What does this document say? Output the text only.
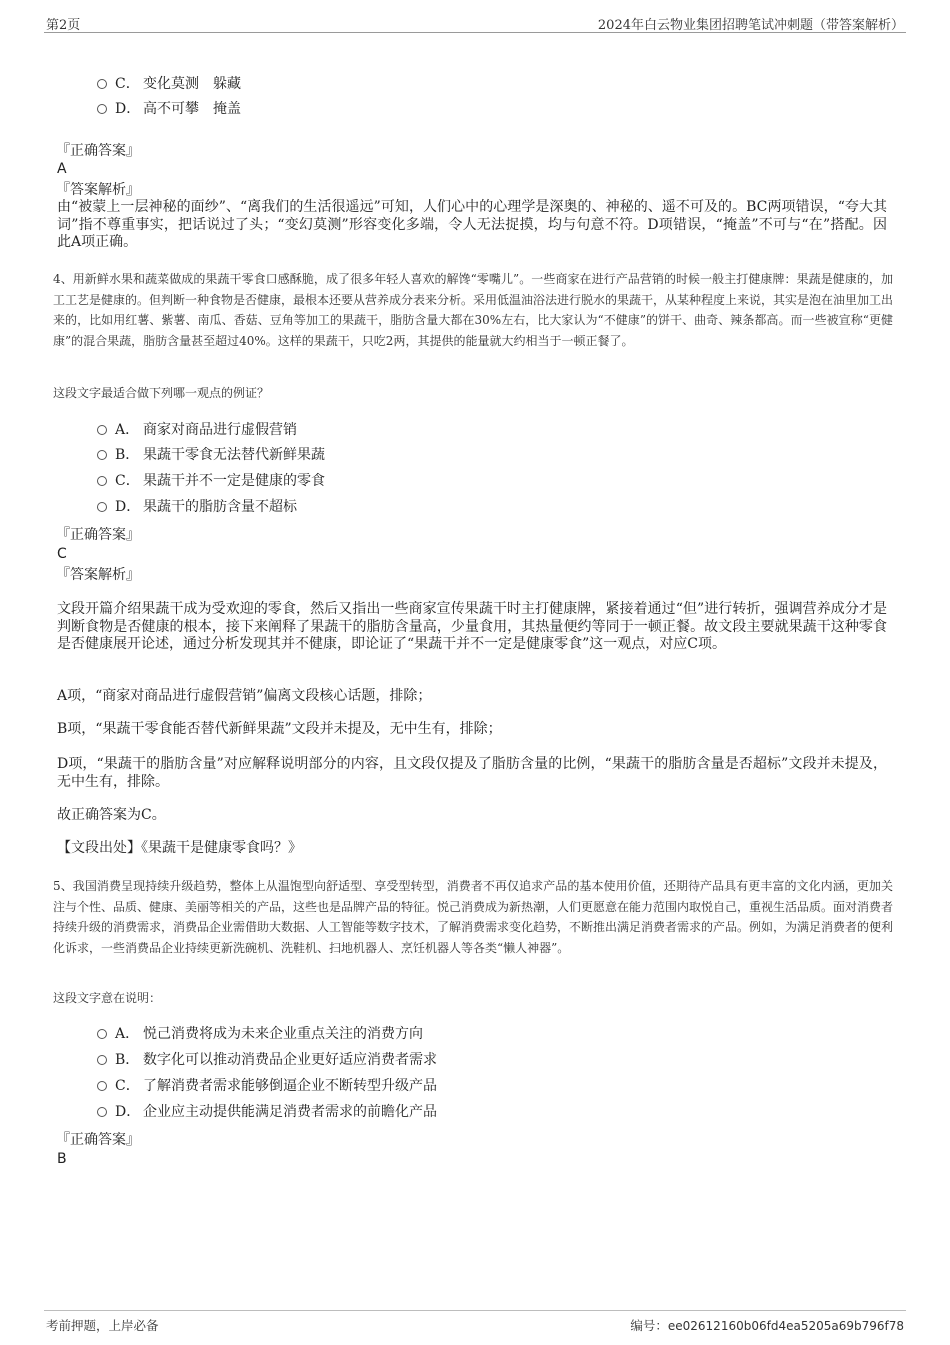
第2页	2024年白云物业集团招聘笔试冲刺题（带答案解析）
C． 变化莫测　躲藏
D． 高不可攀　掩盖
『正确答案』
A
『答案解析』
由“被蒙上一层神秘的面纱”、“离我们的生活很遥远”可知，人们心中的心理学是深奥的、神秘的、遥不可及的。BC两项错误，“夸大其词”指不尊重事实，把话说过了头；“变幻莫测”形容变化多端，令人无法捉摸，均与句意不符。D项错误，“掩盖”不可与“在”搭配。因此A项正确。
4、用新鲜水果和蔬菜做成的果蔬干零食口感酥脆，成了很多年轻人喜欢的解馋“零嘴儿”。一些商家在进行产品营销的时候一般主打健康牌：果蔬是健康的，加工工艺是健康的。但判断一种食物是否健康，最根本还要从营养成分表来分析。采用低温油浴法进行脱水的果蔬干，从某种程度上来说，其实是泡在油里加工出来的，比如用红薯、紫薯、南瓜、香菇、豆角等加工的果蔬干，脂肪含量大都在30%左右，比大家认为“不健康”的饼干、曲奇、辣条都高。而一些被宣称“更健康”的混合果蔬，脂肪含量甚至超过40%。这样的果蔬干，只吃2两，其提供的能量就大约相当于一顿正餐了。
这段文字最适合做下列哪一观点的例证？
A． 商家对商品进行虚假营销
B． 果蔬干零食无法替代新鲜果蔬
C． 果蔬干并不一定是健康的零食
D． 果蔬干的脂肪含量不超标
『正确答案』
C
『答案解析』
文段开篇介绍果蔬干成为受欢迎的零食，然后又指出一些商家宣传果蔬干时主打健康牌，紧接着通过“但”进行转折，强调营养成分才是判断食物是否健康的根本，接下来阐释了果蔬干的脂肪含量高，少量食用，其热量便约等同于一顿正餐。故文段主要就果蔬干这种零食是否健康展开论述，通过分析发现其并不健康，即论证了“果蔬干并不一定是健康零食”这一观点，对应C项。
A项，“商家对商品进行虚假营销”偏离文段核心话题，排除；
B项，“果蔬干零食能否替代新鲜果蔬”文段并未提及，无中生有，排除；
D项，“果蔬干的脂肪含量”对应解释说明部分的内容，且文段仅提及了脂肪含量的比例，“果蔬干的脂肪含量是否超标”文段并未提及，无中生有，排除。
故正确答案为C。
【文段出处】《果蔬干是健康零食吗？》
5、我国消费呈现持续升级趋势，整体上从温饱型向舒适型、享受型转型，消费者不再仅追求产品的基本使用价值，还期待产品具有更丰富的文化内涵，更加关注与个性、品质、健康、美丽等相关的产品，这些也是品牌产品的特征。悦己消费成为新热潮，人们更愿意在能力范围内取悦自己，重视生活品质。面对消费者持续升级的消费需求，消费品企业需借助大数据、人工智能等数字技术，了解消费需求变化趋势，不断推出满足消费者需求的产品。例如，为满足消费者的便利化诉求，一些消费品企业持续更新洗碗机、洗鞋机、扫地机器人、烹饪机器人等各类“懒人神器”。
这段文字意在说明：
A． 悦己消费将成为未来企业重点关注的消费方向
B． 数字化可以推动消费品企业更好适应消费者需求
C． 了解消费者需求能够倒逼企业不断转型升级产品
D． 企业应主动提供能满足消费者需求的前瞻化产品
『正确答案』
B
考前押题，上岸必备	编号：ee02612160b06fd4ea5205a69b796f78
